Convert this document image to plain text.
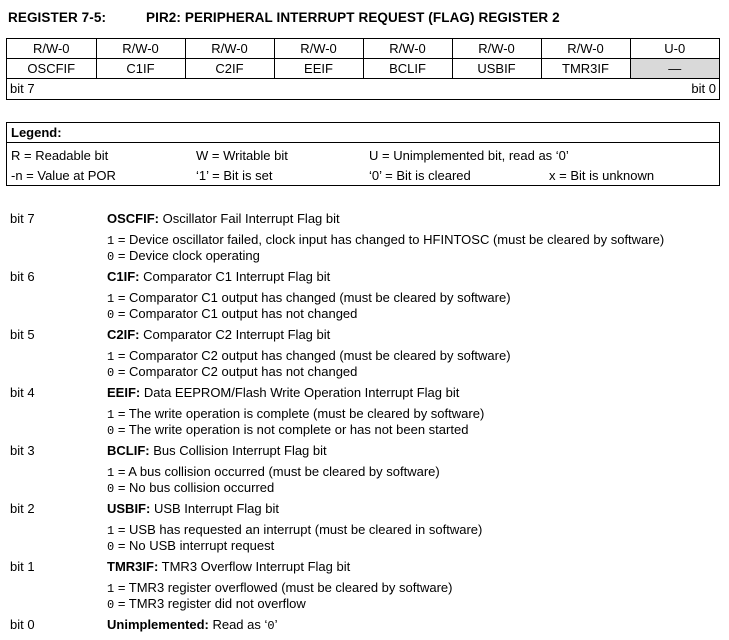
REGISTER 7-5:	PIR2: PERIPHERAL INTERRUPT REQUEST (FLAG) REGISTER 2
R/W-0	R/W-0	R/W-0	R/W-0	R/W-0	R/W-0	R/W-0	U-0
OSCFIF	C1IF	C2IF	EEIF	BCLIF	USBIF	TMR3IF	—
bit 7	bit 0
Legend:
R = Readable bit	W = Writable bit	U = Unimplemented bit, read as ‘0’
-n = Value at POR	‘1’ = Bit is set	‘0’ = Bit is cleared	x = Bit is unknown
bit 7	OSCFIF: Oscillator Fail Interrupt Flag bit
1 = Device oscillator failed, clock input has changed to HFINTOSC (must be cleared by software)
0 = Device clock operating
bit 6	C1IF: Comparator C1 Interrupt Flag bit
1 = Comparator C1 output has changed (must be cleared by software)
0 = Comparator C1 output has not changed
bit 5	C2IF: Comparator C2 Interrupt Flag bit
1 = Comparator C2 output has changed (must be cleared by software)
0 = Comparator C2 output has not changed
bit 4	EEIF: Data EEPROM/Flash Write Operation Interrupt Flag bit
1 = The write operation is complete (must be cleared by software)
0 = The write operation is not complete or has not been started
bit 3	BCLIF: Bus Collision Interrupt Flag bit
1 = A bus collision occurred (must be cleared by software)
0 = No bus collision occurred
bit 2	USBIF: USB Interrupt Flag bit
1 = USB has requested an interrupt (must be cleared in software)
0 = No USB interrupt request
bit 1	TMR3IF: TMR3 Overflow Interrupt Flag bit
1 = TMR3 register overflowed (must be cleared by software)
0 = TMR3 register did not overflow
bit 0	Unimplemented: Read as ‘0’
